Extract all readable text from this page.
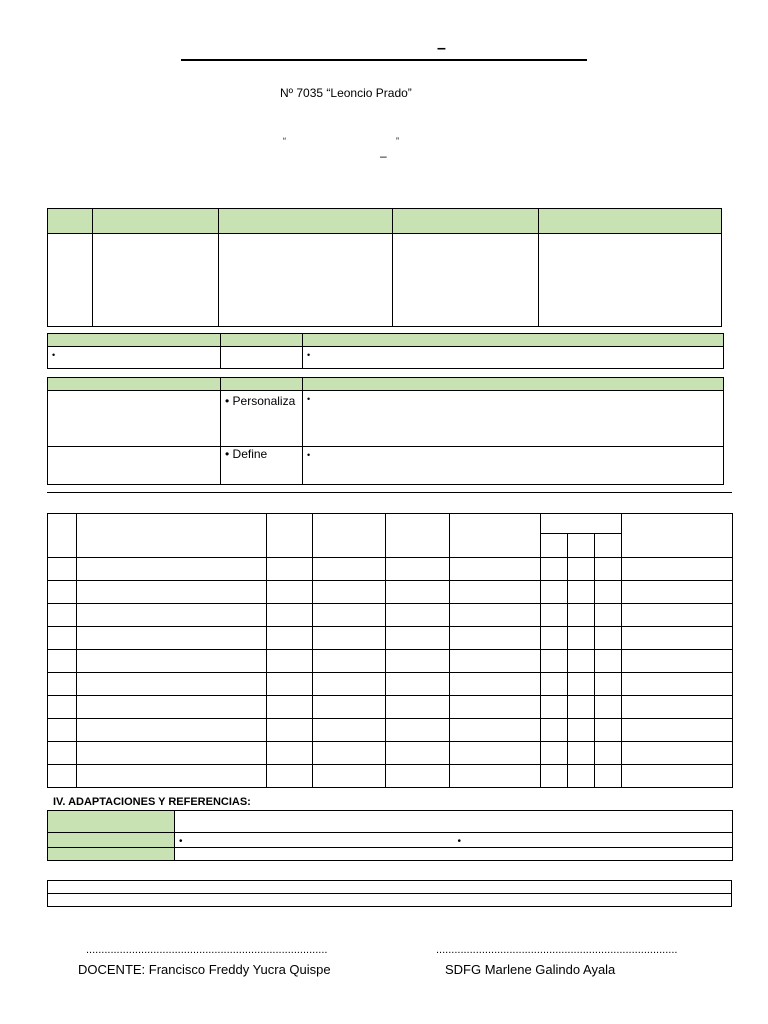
–
Nº 7035 “Leoncio Prado”
“	”
–

•		•

	• Personaliza	•

	• Define	•

IV. ADAPTACIONES Y REFERENCIAS:

	•	•

...............................................................................
DOCENTE: Francisco Freddy Yucra Quispe
...............................................................................
SDFG Marlene Galindo Ayala
